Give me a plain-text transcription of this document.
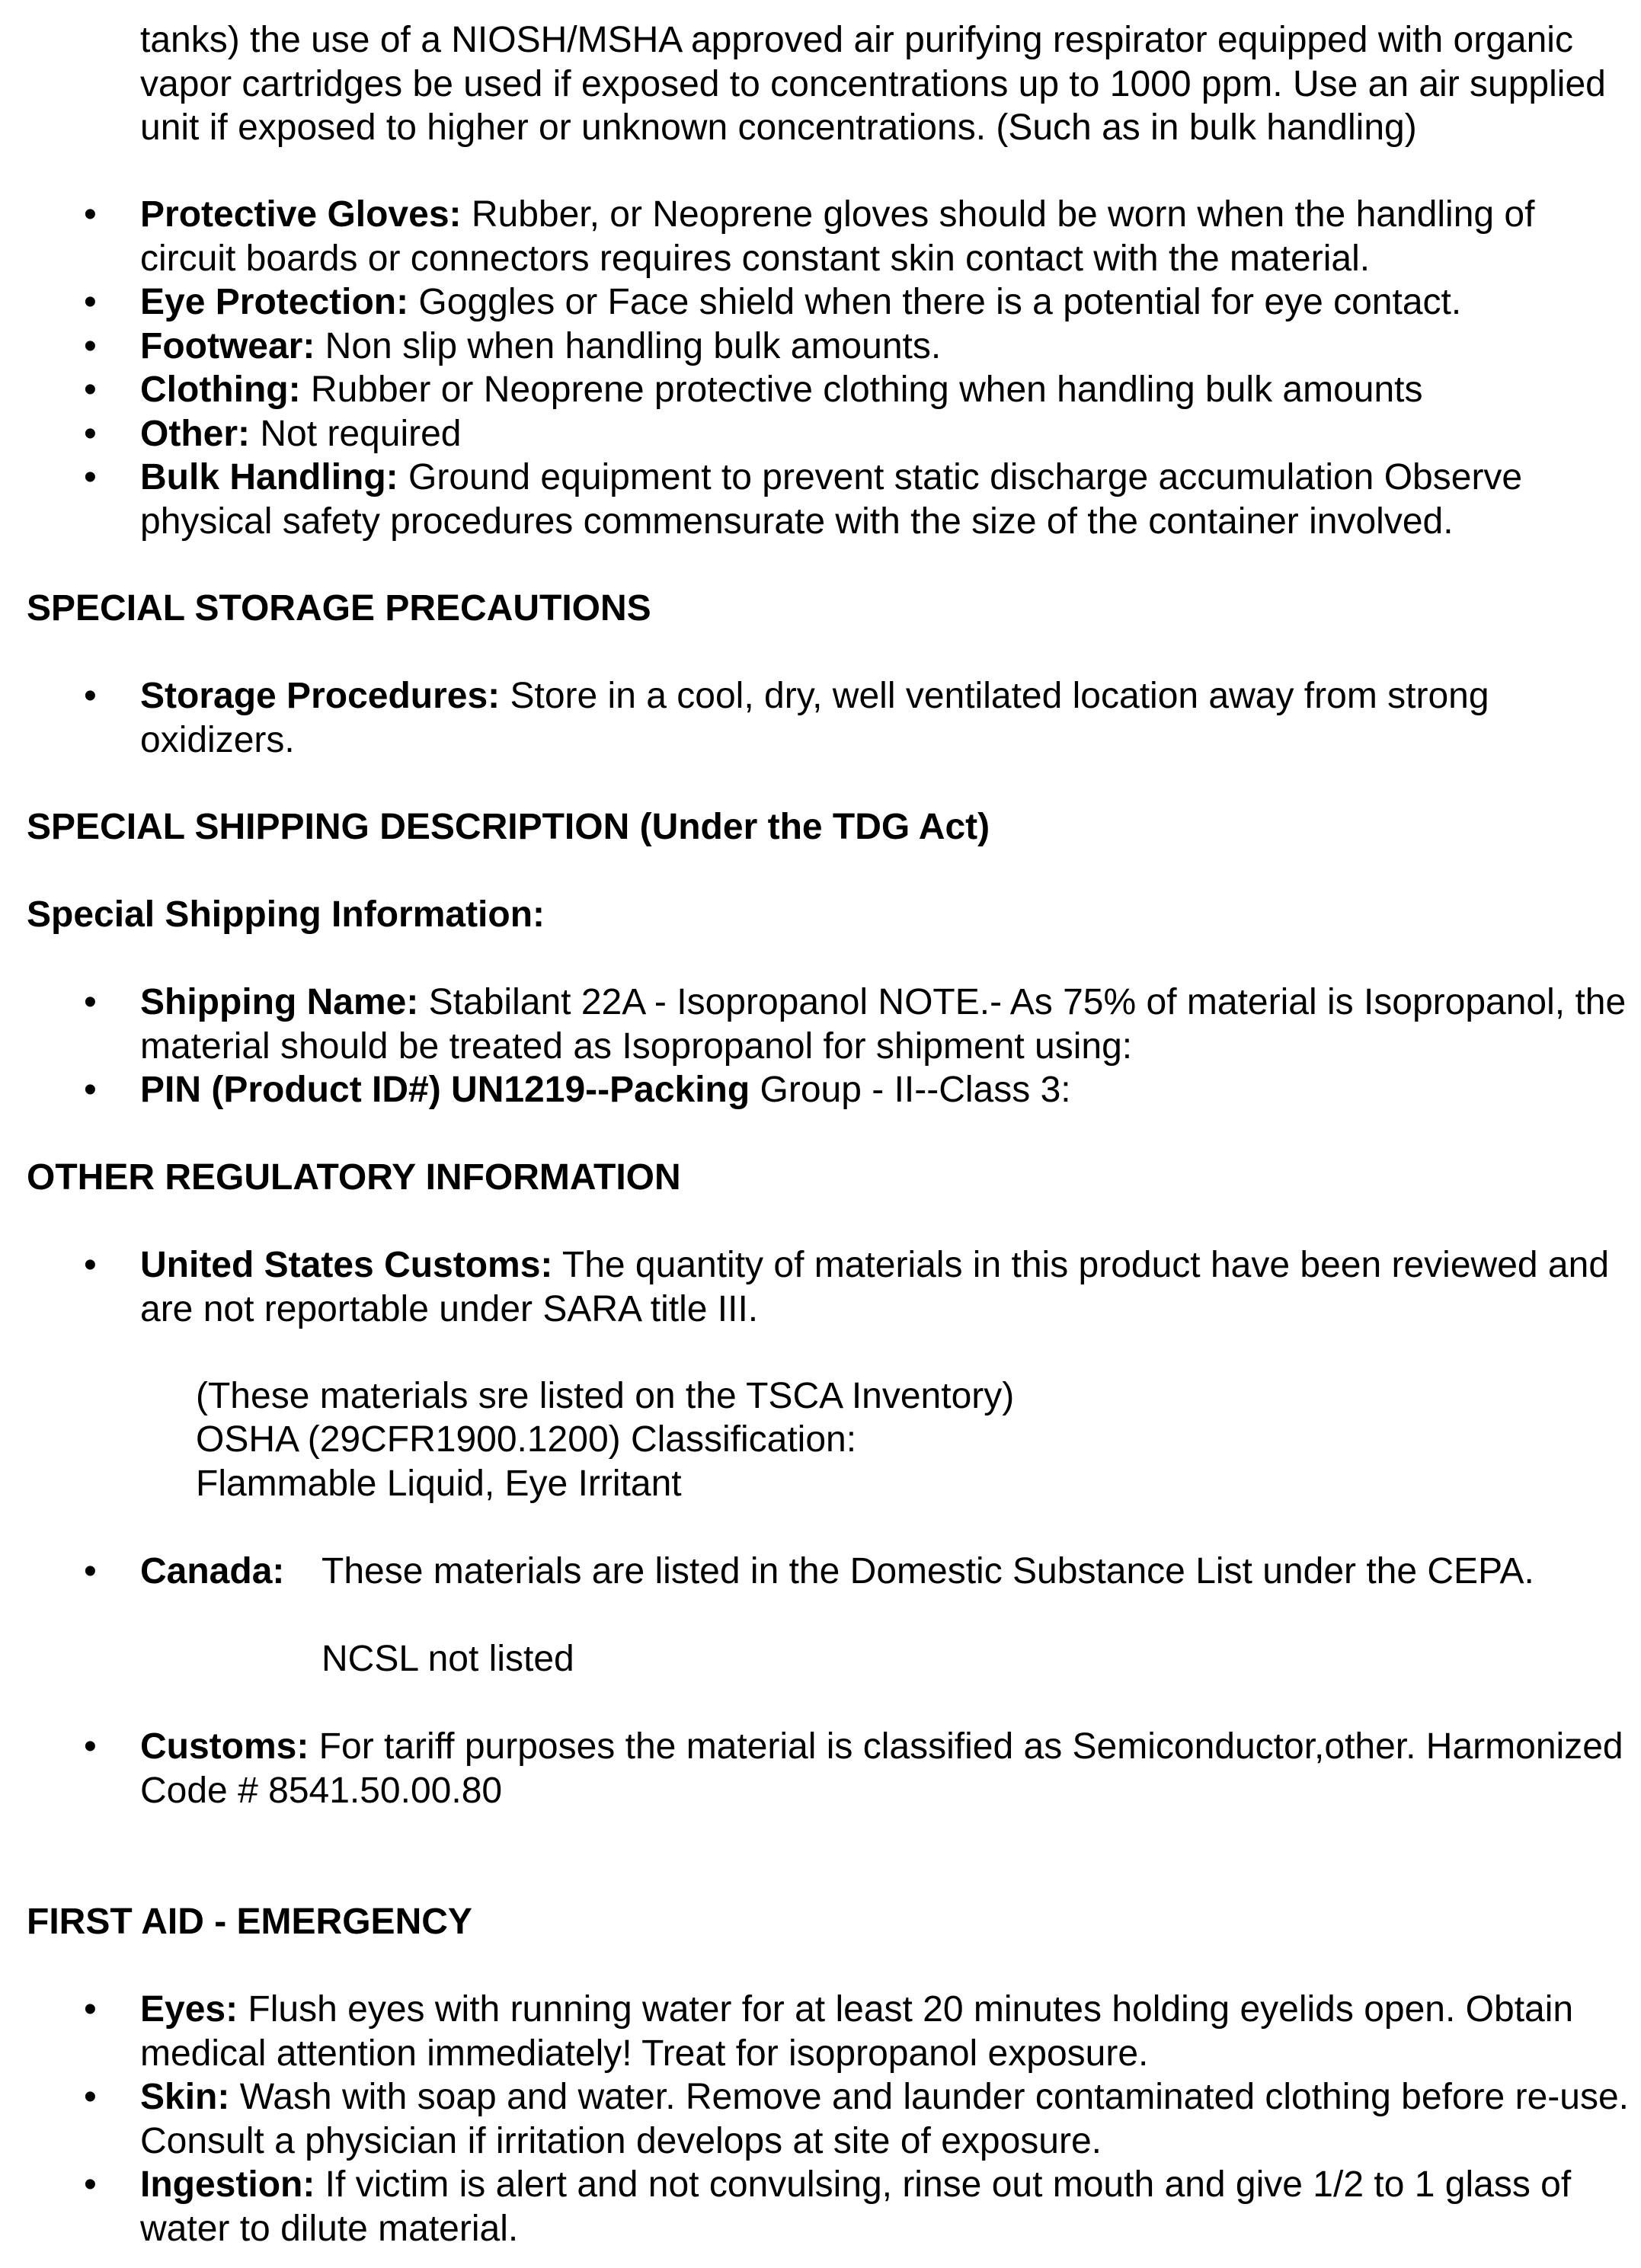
tanks) the use of a NIOSH/MSHA approved air purifying respirator equipped with organic vapor cartridges be used if exposed to concentrations up to 1000 ppm. Use an air supplied unit if exposed to higher or unknown concentrations. (Such as in bulk handling)

• Protective Gloves: Rubber, or Neoprene gloves should be worn when the handling of circuit boards or connectors requires constant skin contact with the material.
• Eye Protection: Goggles or Face shield when there is a potential for eye contact.
• Footwear: Non slip when handling bulk amounts.
• Clothing: Rubber or Neoprene protective clothing when handling bulk amounts
• Other: Not required
• Bulk Handling: Ground equipment to prevent static discharge accumulation Observe physical safety procedures commensurate with the size of the container involved.
SPECIAL STORAGE PRECAUTIONS
• Storage Procedures: Store in a cool, dry, well ventilated location away from strong oxidizers.
SPECIAL SHIPPING DESCRIPTION (Under the TDG Act)
Special Shipping Information:
• Shipping Name: Stabilant 22A - Isopropanol NOTE.- As 75% of material is Isopropanol, the material should be treated as Isopropanol for shipment using:
• PIN (Product ID#) UN1219--Packing Group - II--Class 3:
OTHER REGULATORY INFORMATION
• United States Customs: The quantity of materials in this product have been reviewed and are not reportable under SARA title III.

(These materials sre listed on the TSCA Inventory)

OSHA (29CFR1900.1200) Classification:

Flammable Liquid, Eye Irritant

• Canada: These materials are listed in the Domestic Substance List under the CEPA.

NCSL not listed

• Customs: For tariff purposes the material is classified as Semiconductor,other. Harmonized Code # 8541.50.00.80
FIRST AID - EMERGENCY
• Eyes: Flush eyes with running water for at least 20 minutes holding eyelids open. Obtain medical attention immediately! Treat for isopropanol exposure.
• Skin: Wash with soap and water. Remove and launder contaminated clothing before re-use. Consult a physician if irritation develops at site of exposure.
• Ingestion: If victim is alert and not convulsing, rinse out mouth and give 1/2 to 1 glass of water to dilute material.
